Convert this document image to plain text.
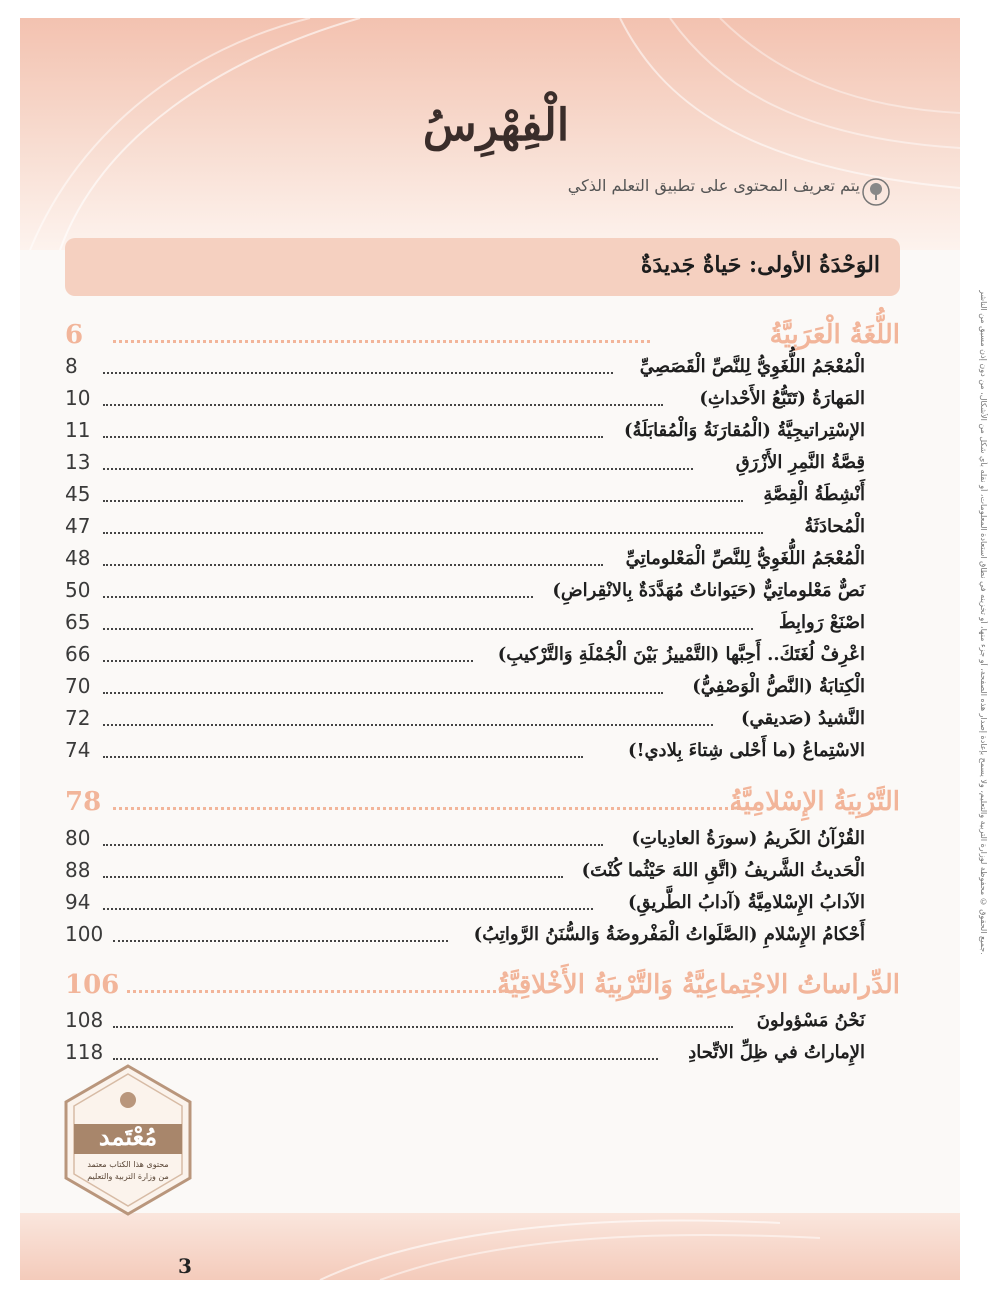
جميع الحقوق © محفوظة لوزارة التربية والتعليم، ولا يسمح بإعادة إصدار هذه الصفحة، أو جزء منها، أو تخزينه في نطاق استعادة المعلومات، أو نقله بأي شكل من الأشكال، من دون إذن مسبق من الناشر.
الْفِهْرِسُ
يتم تعريف المحتوى على تطبيق التعلم الذكي
الوَحْدَةُ الأولى: حَياةٌ جَديدَةٌ
اللُّغَةُ الْعَرَبِيَّةُ
6
الْمُعْجَمُ اللُّغَوِيُّ لِلنَّصِّ الْقَصَصِيِّ
8
المَهارَةُ (تَتَبُّعُ الأَحْداثِ)
10
الإسْتِراتيجِيَّةُ (الْمُقارَنَةُ وَالْمُقابَلَةُ)
11
قِصَّةُ النَّمِرِ الأَزْرَقِ
13
أَنْشِطَةُ الْقِصَّةِ
45
الْمُحادَثَةُ
47
الْمُعْجَمُ اللُّغَوِيُّ لِلنَّصِّ الْمَعْلوماتِيِّ
48
نَصٌّ مَعْلوماتِيٌّ (حَيَواناتٌ مُهَدَّدَةٌ بِالانْقِراضِ)
50
اصْنَعْ رَوابِطَ
65
اعْرِفْ لُغَتَكَ.. أَحِبَّها (التَّمْييزُ بَيْنَ الْجُمْلَةِ وَالتَّرْكيبِ)
66
الْكِتابَةُ (النَّصُّ الْوَصْفِيُّ)
70
النَّشيدُ (صَديقي)
72
الاسْتِماعُ (ما أَحْلى شِتاءَ بِلادي!)
74
التَّرْبِيَةُ الإِسْلامِيَّةُ
78
القُرْآنُ الكَريمُ (سورَةُ العادِياتِ)
80
الْحَديثُ الشَّريفُ (اتَّقِ اللهَ حَيْثُما كُنْتَ)
88
الآدابُ الإِسْلامِيَّةُ (آدابُ الطَّريقِ)
94
أَحْكامُ الإِسْلامِ (الصَّلَواتُ الْمَفْروضَةُ وَالسُّنَنُ الرَّواتِبُ)
100
الدِّراساتُ الاجْتِماعِيَّةُ وَالتَّرْبِيَةُ الأَخْلاقِيَّةُ
106
نَحْنُ مَسْؤولونَ
108
الإِماراتُ في ظِلِّ الاتِّحادِ
118
مُعْتَمد
محتوى هذا الكتاب معتمد
من وزارة التربية والتعليم
3
